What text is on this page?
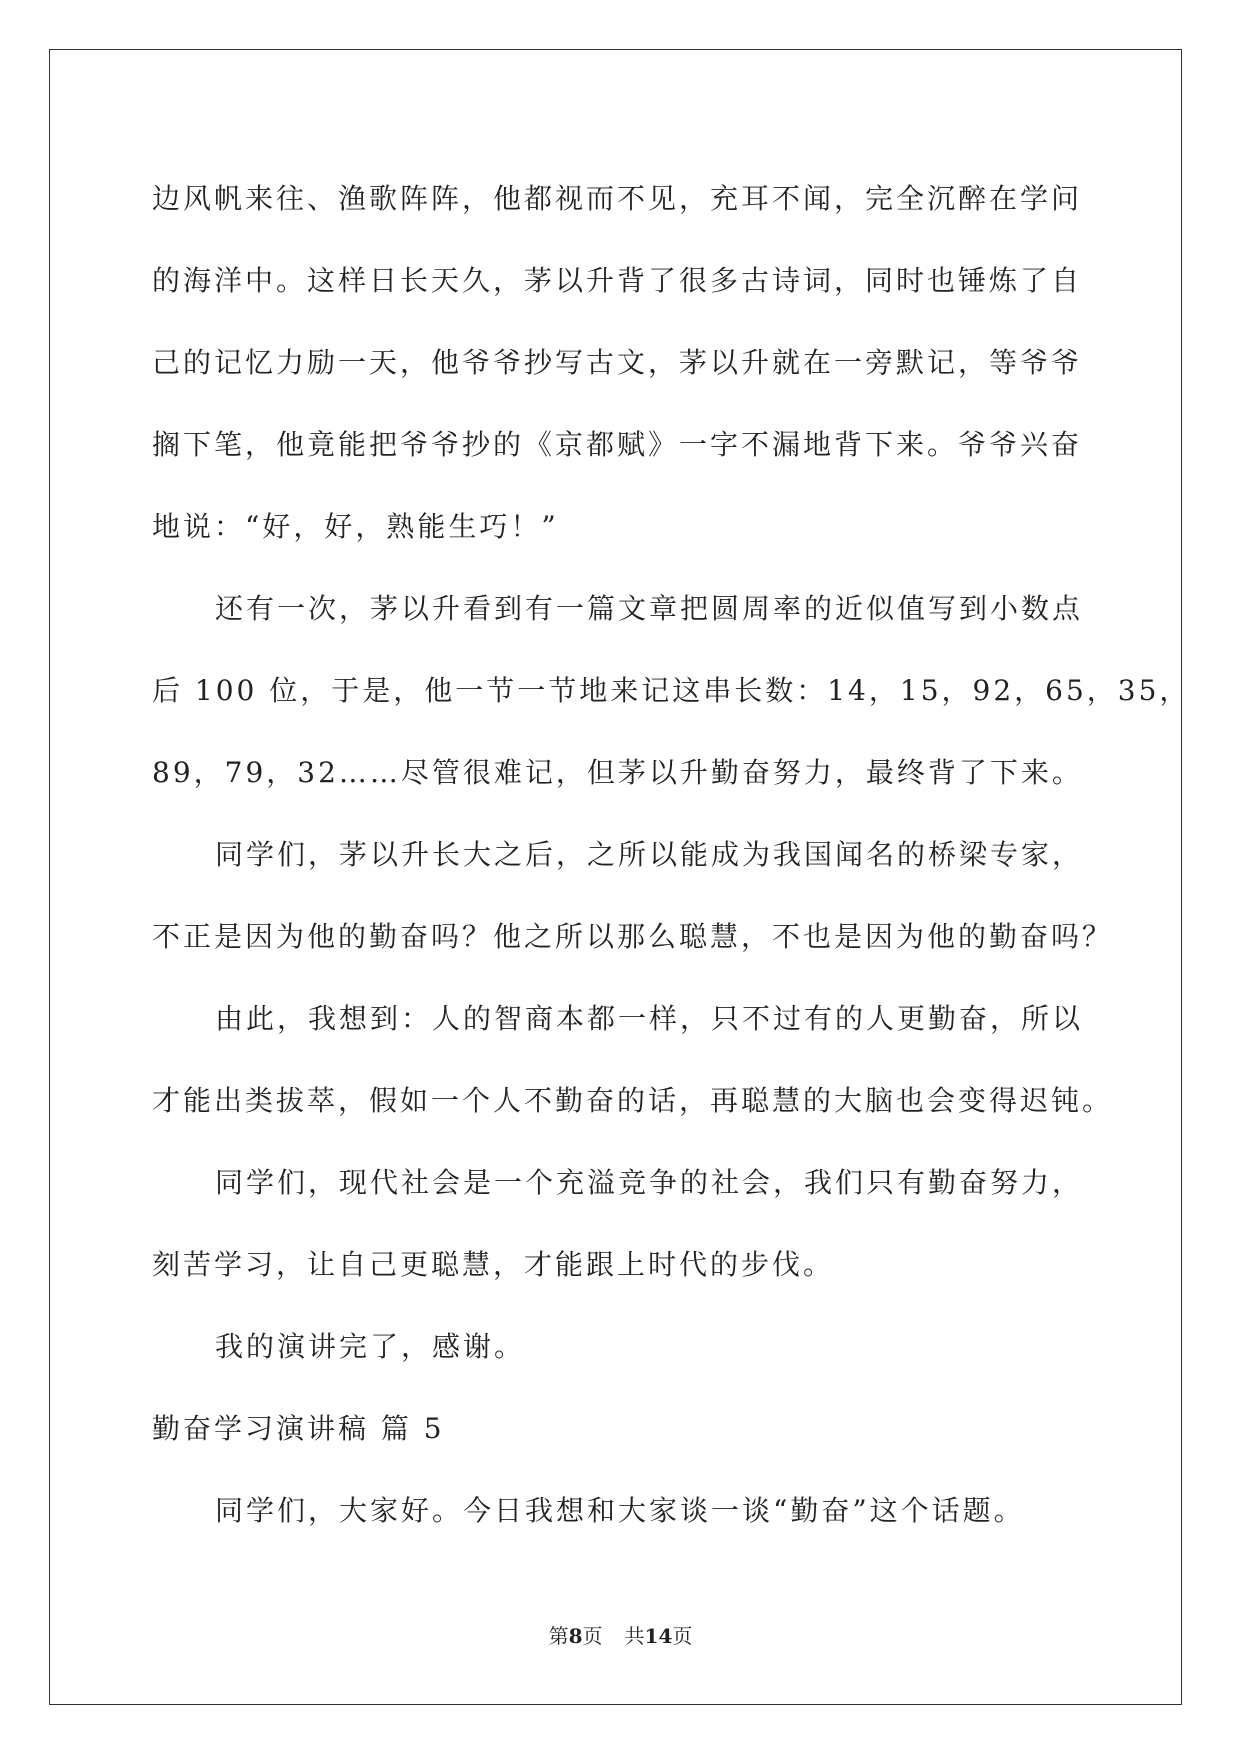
边风帆来往、渔歌阵阵，他都视而不见，充耳不闻，完全沉醉在学问
的海洋中。这样日长天久，茅以升背了很多古诗词，同时也锤炼了自
己的记忆力励一天，他爷爷抄写古文，茅以升就在一旁默记，等爷爷
搁下笔，他竟能把爷爷抄的《京都赋》一字不漏地背下来。爷爷兴奋
地说：“好，好，熟能生巧！”
还有一次，茅以升看到有一篇文章把圆周率的近似值写到小数点
后 100 位，于是，他一节一节地来记这串长数：14，15，92，65，35，
89，79，32……尽管很难记，但茅以升勤奋努力，最终背了下来。
同学们，茅以升长大之后，之所以能成为我国闻名的桥梁专家，
不正是因为他的勤奋吗？他之所以那么聪慧，不也是因为他的勤奋吗？
由此，我想到：人的智商本都一样，只不过有的人更勤奋，所以
才能出类拔萃，假如一个人不勤奋的话，再聪慧的大脑也会变得迟钝。
同学们，现代社会是一个充溢竞争的社会，我们只有勤奋努力，
刻苦学习，让自己更聪慧，才能跟上时代的步伐。
我的演讲完了，感谢。
勤奋学习演讲稿 篇 5
同学们，大家好。今日我想和大家谈一谈“勤奋”这个话题。
第8页 共14页
